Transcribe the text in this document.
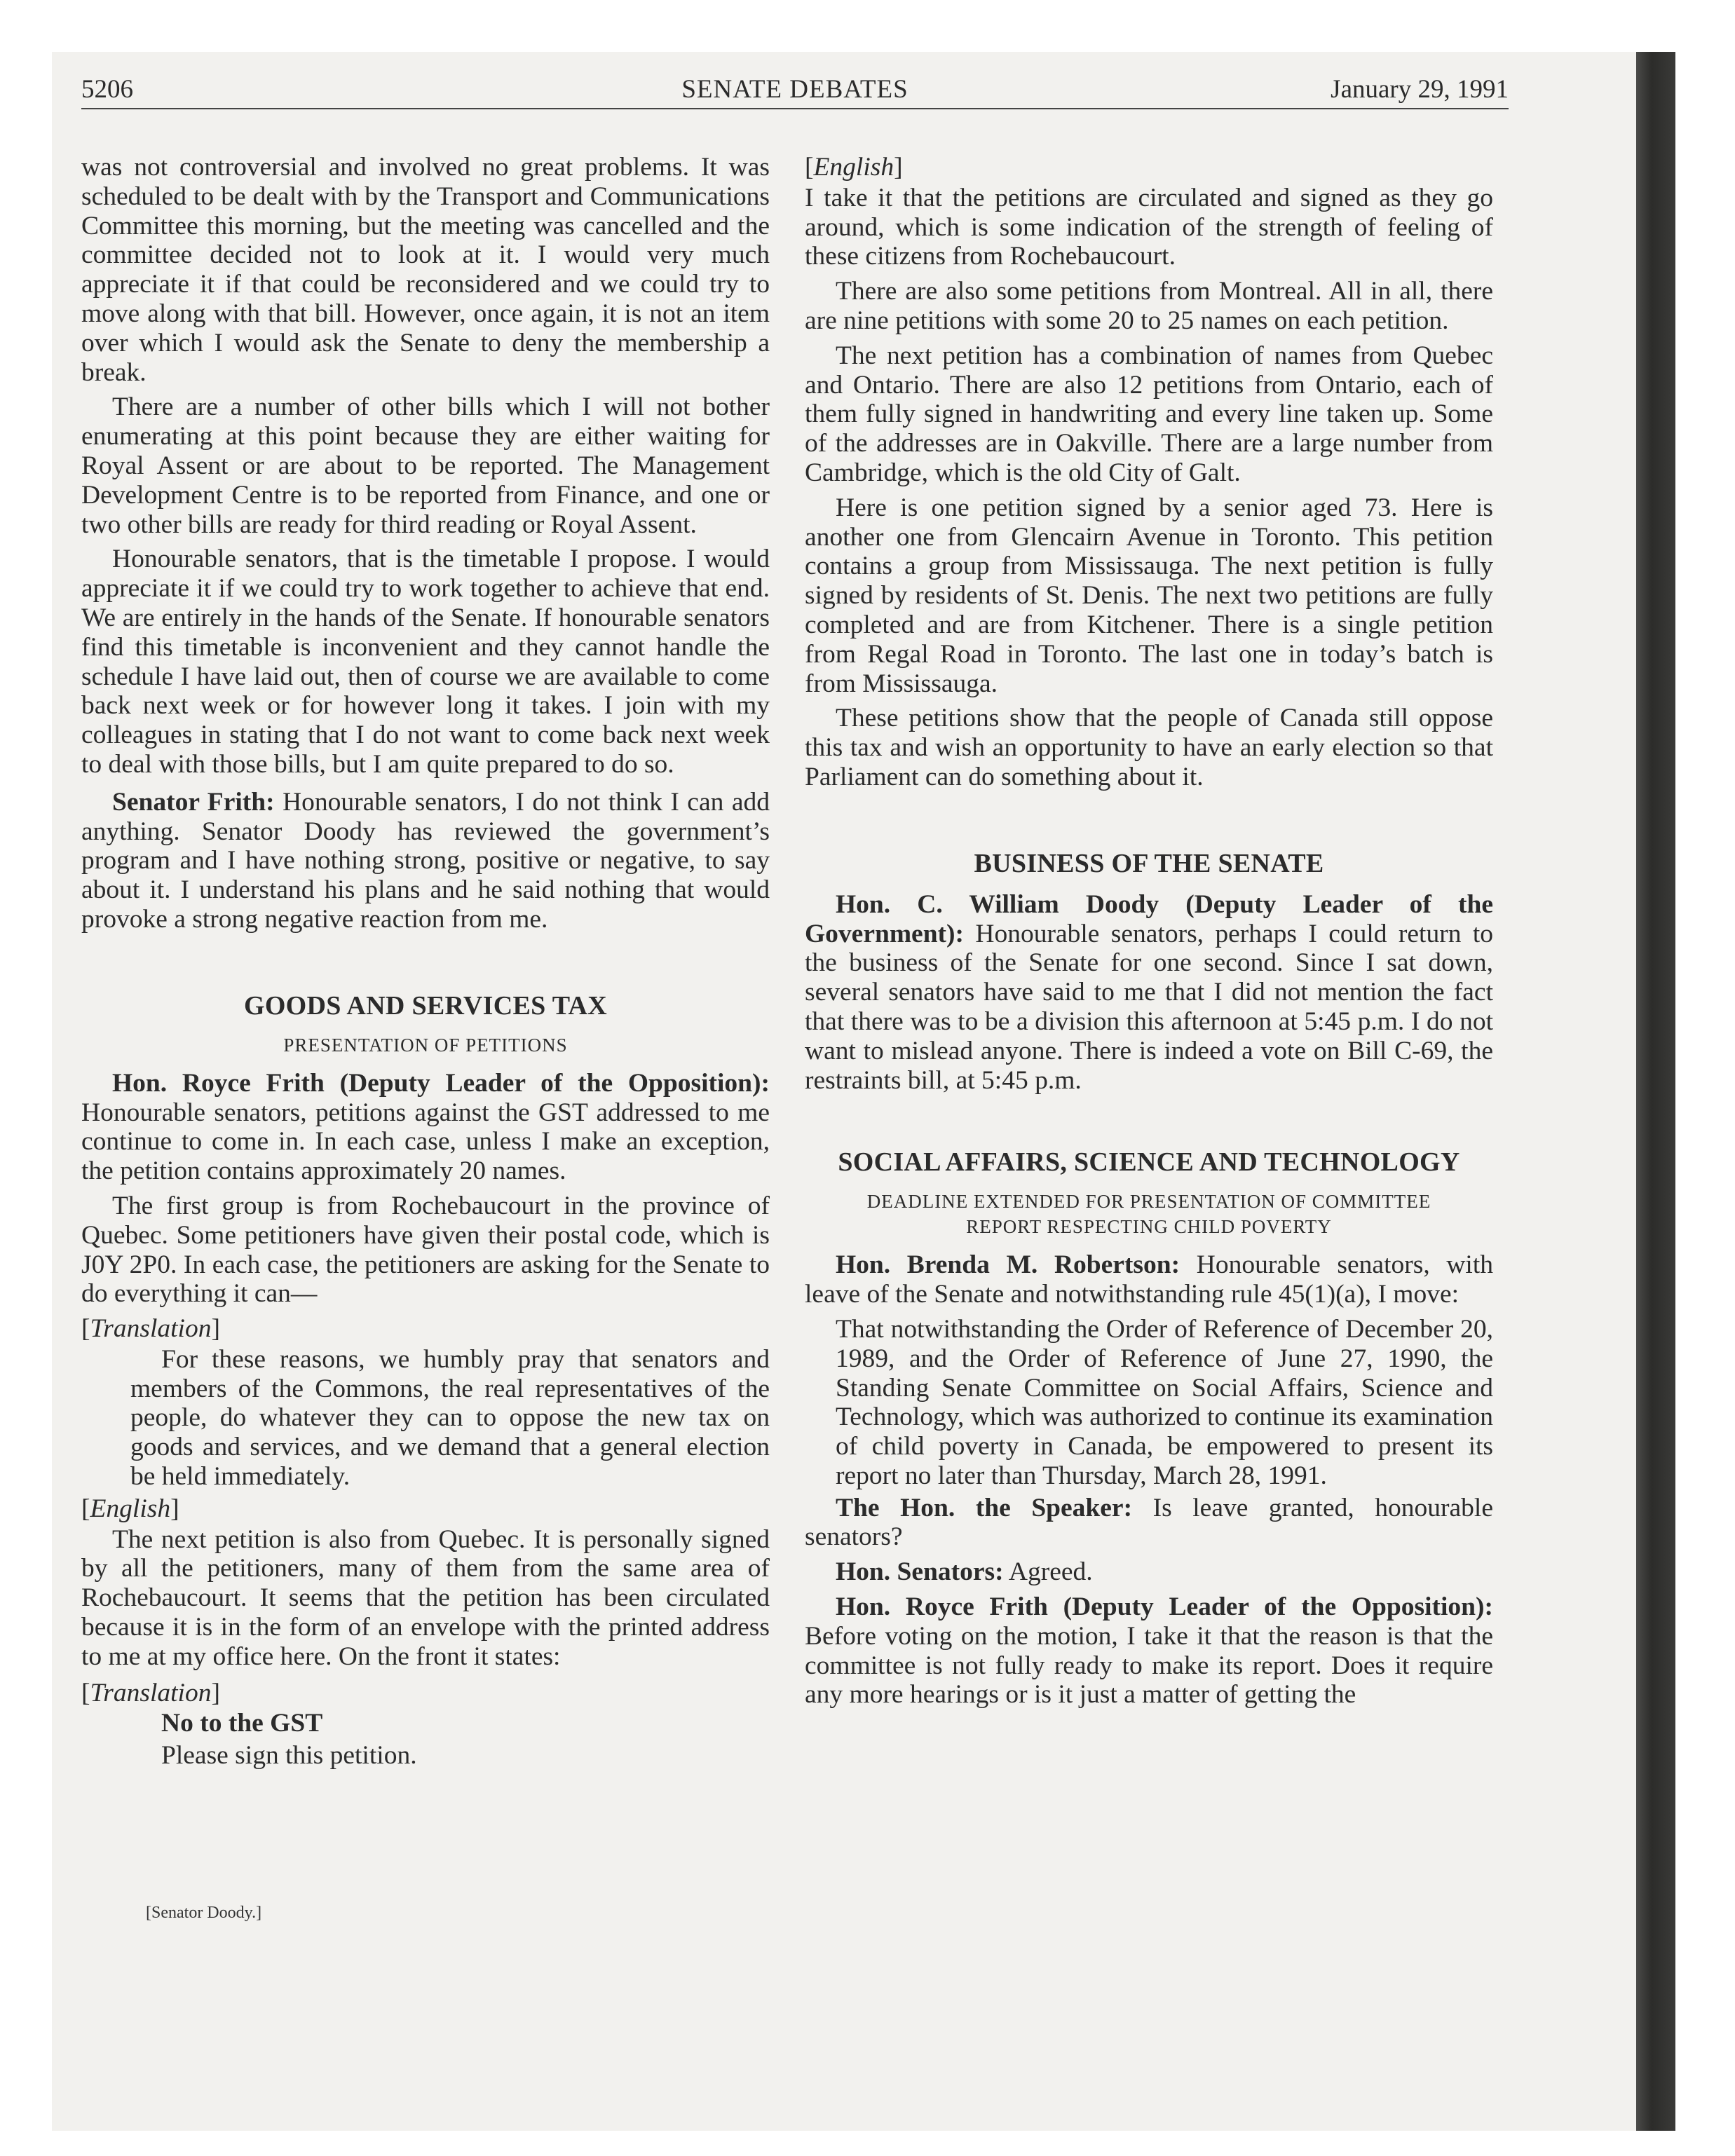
5206	SENATE DEBATES	January 29, 1991

was not controversial and involved no great problems. It was scheduled to be dealt with by the Transport and Communications Committee this morning, but the meeting was cancelled and the committee decided not to look at it. I would very much appreciate it if that could be reconsidered and we could try to move along with that bill. However, once again, it is not an item over which I would ask the Senate to deny the membership a break.

There are a number of other bills which I will not bother enumerating at this point because they are either waiting for Royal Assent or are about to be reported. The Management Development Centre is to be reported from Finance, and one or two other bills are ready for third reading or Royal Assent.

Honourable senators, that is the timetable I propose. I would appreciate it if we could try to work together to achieve that end. We are entirely in the hands of the Senate. If honourable senators find this timetable is inconvenient and they cannot handle the schedule I have laid out, then of course we are available to come back next week or for however long it takes. I join with my colleagues in stating that I do not want to come back next week to deal with those bills, but I am quite prepared to do so.

Senator Frith: Honourable senators, I do not think I can add anything. Senator Doody has reviewed the government’s program and I have nothing strong, positive or negative, to say about it. I understand his plans and he said nothing that would provoke a strong negative reaction from me.

GOODS AND SERVICES TAX
PRESENTATION OF PETITIONS

Hon. Royce Frith (Deputy Leader of the Opposition): Honourable senators, petitions against the GST addressed to me continue to come in. In each case, unless I make an exception, the petition contains approximately 20 names.

The first group is from Rochebaucourt in the province of Quebec. Some petitioners have given their postal code, which is J0Y 2P0. In each case, the petitioners are asking for the Senate to do everything it can—

[Translation]

For these reasons, we humbly pray that senators and members of the Commons, the real representatives of the people, do whatever they can to oppose the new tax on goods and services, and we demand that a general election be held immediately.

[English]

The next petition is also from Quebec. It is personally signed by all the petitioners, many of them from the same area of Rochebaucourt. It seems that the petition has been circulated because it is in the form of an envelope with the printed address to me at my office here. On the front it states:

[Translation]

No to the GST

Please sign this petition.

[Senator Doody.]

[English]

I take it that the petitions are circulated and signed as they go around, which is some indication of the strength of feeling of these citizens from Rochebaucourt.

There are also some petitions from Montreal. All in all, there are nine petitions with some 20 to 25 names on each petition.

The next petition has a combination of names from Quebec and Ontario. There are also 12 petitions from Ontario, each of them fully signed in handwriting and every line taken up. Some of the addresses are in Oakville. There are a large number from Cambridge, which is the old City of Galt.

Here is one petition signed by a senior aged 73. Here is another one from Glencairn Avenue in Toronto. This petition contains a group from Mississauga. The next petition is fully signed by residents of St. Denis. The next two petitions are fully completed and are from Kitchener. There is a single petition from Regal Road in Toronto. The last one in today’s batch is from Mississauga.

These petitions show that the people of Canada still oppose this tax and wish an opportunity to have an early election so that Parliament can do something about it.

BUSINESS OF THE SENATE

Hon. C. William Doody (Deputy Leader of the Government): Honourable senators, perhaps I could return to the business of the Senate for one second. Since I sat down, several senators have said to me that I did not mention the fact that there was to be a division this afternoon at 5:45 p.m. I do not want to mislead anyone. There is indeed a vote on Bill C-69, the restraints bill, at 5:45 p.m.

SOCIAL AFFAIRS, SCIENCE AND TECHNOLOGY
DEADLINE EXTENDED FOR PRESENTATION OF COMMITTEE REPORT RESPECTING CHILD POVERTY

Hon. Brenda M. Robertson: Honourable senators, with leave of the Senate and notwithstanding rule 45(1)(a), I move:

That notwithstanding the Order of Reference of December 20, 1989, and the Order of Reference of June 27, 1990, the Standing Senate Committee on Social Affairs, Science and Technology, which was authorized to continue its examination of child poverty in Canada, be empowered to present its report no later than Thursday, March 28, 1991.

The Hon. the Speaker: Is leave granted, honourable senators?

Hon. Senators: Agreed.

Hon. Royce Frith (Deputy Leader of the Opposition): Before voting on the motion, I take it that the reason is that the committee is not fully ready to make its report. Does it require any more hearings or is it just a matter of getting the
